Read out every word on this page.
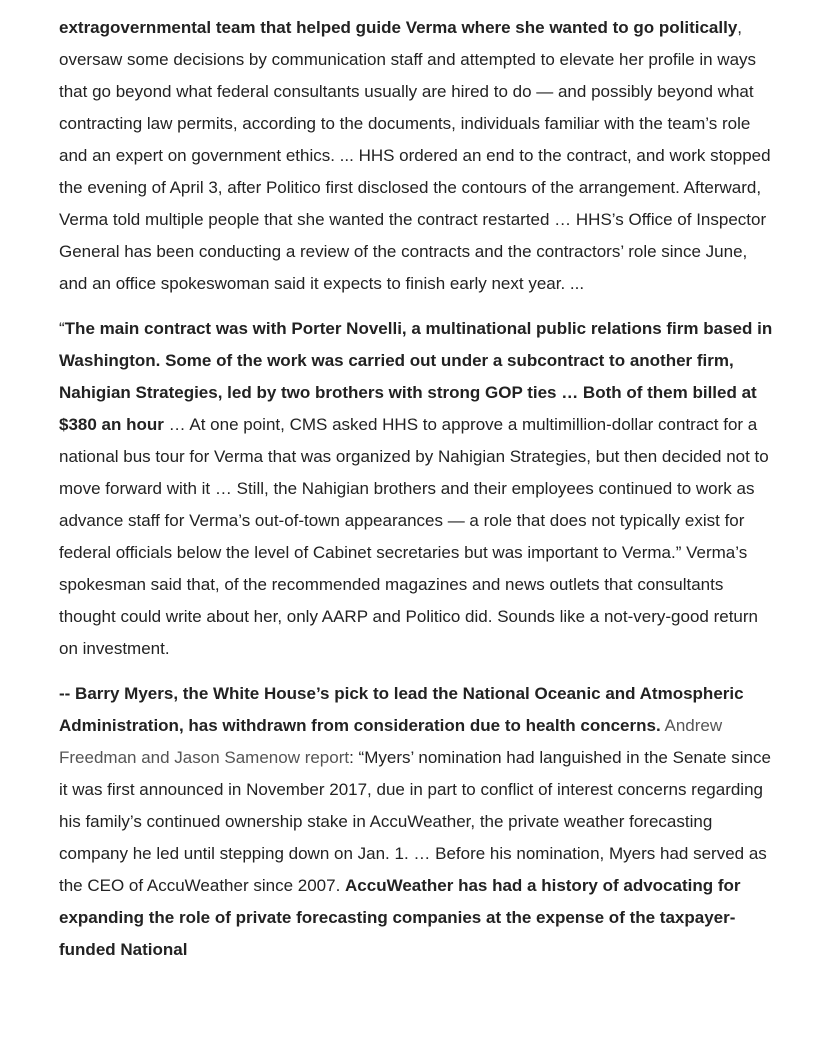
extragovernmental team that helped guide Verma where she wanted to go politically, oversaw some decisions by communication staff and attempted to elevate her profile in ways that go beyond what federal consultants usually are hired to do — and possibly beyond what contracting law permits, according to the documents, individuals familiar with the team’s role and an expert on government ethics. ... HHS ordered an end to the contract, and work stopped the evening of April 3, after Politico first disclosed the contours of the arrangement. Afterward, Verma told multiple people that she wanted the contract restarted … HHS’s Office of Inspector General has been conducting a review of the contracts and the contractors’ role since June, and an office spokeswoman said it expects to finish early next year. ...

“The main contract was with Porter Novelli, a multinational public relations firm based in Washington. Some of the work was carried out under a subcontract to another firm, Nahigian Strategies, led by two brothers with strong GOP ties … Both of them billed at $380 an hour … At one point, CMS asked HHS to approve a multimillion-dollar contract for a national bus tour for Verma that was organized by Nahigian Strategies, but then decided not to move forward with it … Still, the Nahigian brothers and their employees continued to work as advance staff for Verma’s out-of-town appearances — a role that does not typically exist for federal officials below the level of Cabinet secretaries but was important to Verma.” Verma’s spokesman said that, of the recommended magazines and news outlets that consultants thought could write about her, only AARP and Politico did. Sounds like a not-very-good return on investment.

-- Barry Myers, the White House’s pick to lead the National Oceanic and Atmospheric Administration, has withdrawn from consideration due to health concerns. Andrew Freedman and Jason Samenow report: “Myers’ nomination had languished in the Senate since it was first announced in November 2017, due in part to conflict of interest concerns regarding his family’s continued ownership stake in AccuWeather, the private weather forecasting company he led until stepping down on Jan. 1. … Before his nomination, Myers had served as the CEO of AccuWeather since 2007. AccuWeather has had a history of advocating for expanding the role of private forecasting companies at the expense of the taxpayer-funded National
